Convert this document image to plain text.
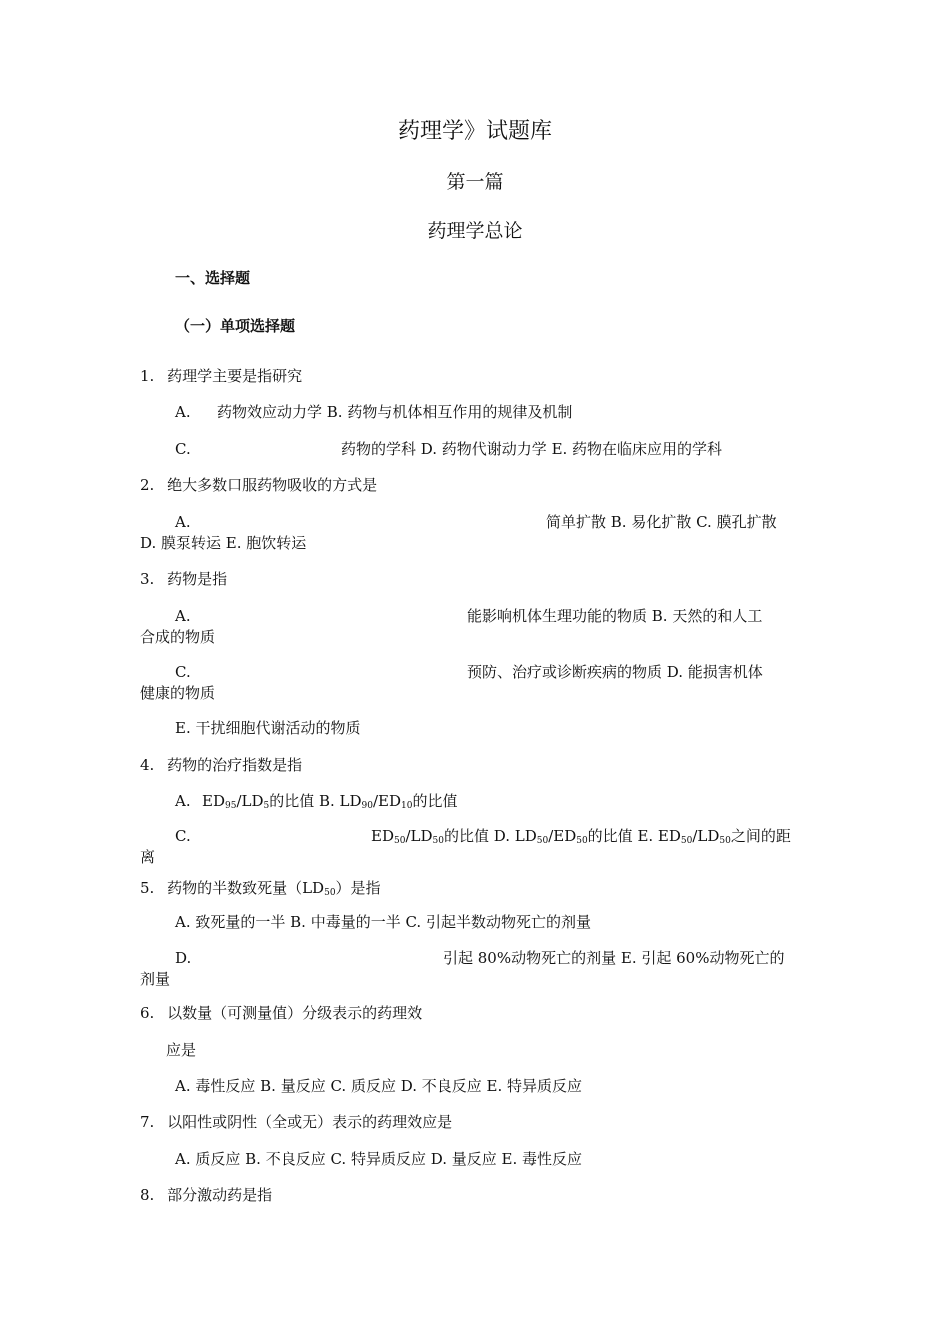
药理学》试题库
第一篇
药理学总论
一、选择题
（一）单项选择题
1. 药理学主要是指研究
A. 药物效应动力学 B. 药物与机体相互作用的规律及机制
C.	药物的学科 D. 药物代谢动力学 E. 药物在临床应用的学科
2. 绝大多数口服药物吸收的方式是
A.	简单扩散 B. 易化扩散 C. 膜孔扩散
D. 膜泵转运 E. 胞饮转运
3. 药物是指
A.	能影响机体生理功能的物质 B. 天然的和人工
合成的物质
C.	预防、治疗或诊断疾病的物质 D. 能损害机体
健康的物质
E. 干扰细胞代谢活动的物质
4. 药物的治疗指数是指
A. $ED_{95}/LD_5$的比值 B. $LD_{90}/ED_{10}$的比值
C.	$ED_{50}/LD_{50}$的比值 D. $LD_{50}/ED_{50}$的比值 E. $ED_{50}/LD_{50}$之间的距
离
5. 药物的半数致死量$(LD_{50})$是指
A. 致死量的一半 B. 中毒量的一半 C. 引起半数动物死亡的剂量
D.	引起 80%动物死亡的剂量 E. 引起 60%动物死亡的
剂量
6. 以数量（可测量值）分级表示的药理效
应是
A. 毒性反应 B. 量反应 C. 质反应 D. 不良反应 E. 特异质反应
7. 以阳性或阴性（全或无）表示的药理效应是
A. 质反应 B. 不良反应 C. 特异质反应 D. 量反应 E. 毒性反应
8. 部分激动药是指
